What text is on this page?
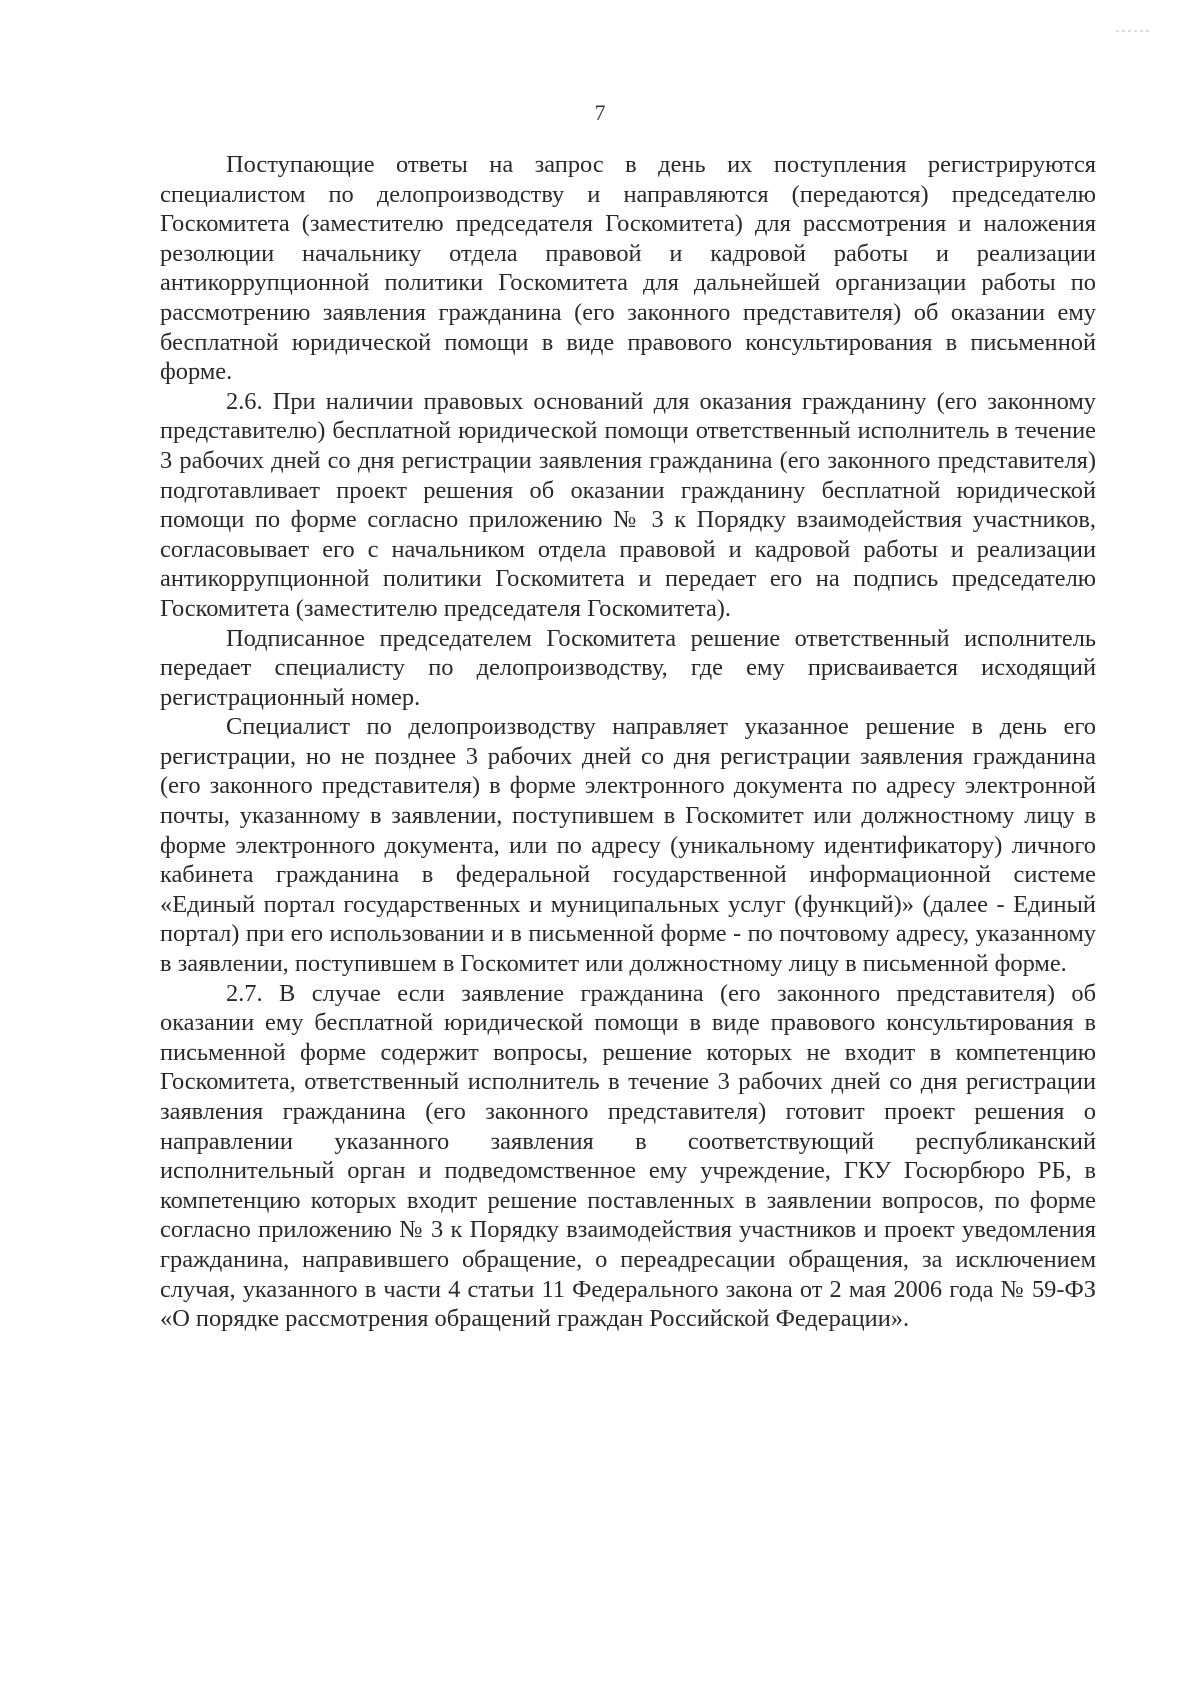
7

Поступающие ответы на запрос в день их поступления регистрируются специалистом по делопроизводству и направляются (передаются) председателю Госкомитета (заместителю председателя Госкомитета) для рассмотрения и наложения резолюции начальнику отдела правовой и кадровой работы и реализации антикоррупционной политики Госкомитета для дальнейшей организации работы по рассмотрению заявления гражданина (его законного представителя) об оказании ему бесплатной юридической помощи в виде правового консультирования в письменной форме.

2.6. При наличии правовых оснований для оказания гражданину (его законному представителю) бесплатной юридической помощи ответственный исполнитель в течение 3 рабочих дней со дня регистрации заявления гражданина (его законного представителя) подготавливает проект решения об оказании гражданину бесплатной юридической помощи по форме согласно приложению № 3 к Порядку взаимодействия участников, согласовывает его с начальником отдела правовой и кадровой работы и реализации антикоррупционной политики Госкомитета и передает его на подпись председателю Госкомитета (заместителю председателя Госкомитета).

Подписанное председателем Госкомитета решение ответственный исполнитель передает специалисту по делопроизводству, где ему присваивается исходящий регистрационный номер.

Специалист по делопроизводству направляет указанное решение в день его регистрации, но не позднее 3 рабочих дней со дня регистрации заявления гражданина (его законного представителя) в форме электронного документа по адресу электронной почты, указанному в заявлении, поступившем в Госкомитет или должностному лицу в форме электронного документа, или по адресу (уникальному идентификатору) личного кабинета гражданина в федеральной государственной информационной системе «Единый портал государственных и муниципальных услуг (функций)» (далее - Единый портал) при его использовании и в письменной форме - по почтовому адресу, указанному в заявлении, поступившем в Госкомитет или должностному лицу в письменной форме.

2.7. В случае если заявление гражданина (его законного представителя) об оказании ему бесплатной юридической помощи в виде правового консультирования в письменной форме содержит вопросы, решение которых не входит в компетенцию Госкомитета, ответственный исполнитель в течение 3 рабочих дней со дня регистрации заявления гражданина (его законного представителя) готовит проект решения о направлении указанного заявления в соответствующий республиканский исполнительный орган и подведомственное ему учреждение, ГКУ Госюрбюро РБ, в компетенцию которых входит решение поставленных в заявлении вопросов, по форме согласно приложению № 3 к Порядку взаимодействия участников и проект уведомления гражданина, направившего обращение, о переадресации обращения, за исключением случая, указанного в части 4 статьи 11 Федерального закона от 2 мая 2006 года № 59-ФЗ «О порядке рассмотрения обращений граждан Российской Федерации».
